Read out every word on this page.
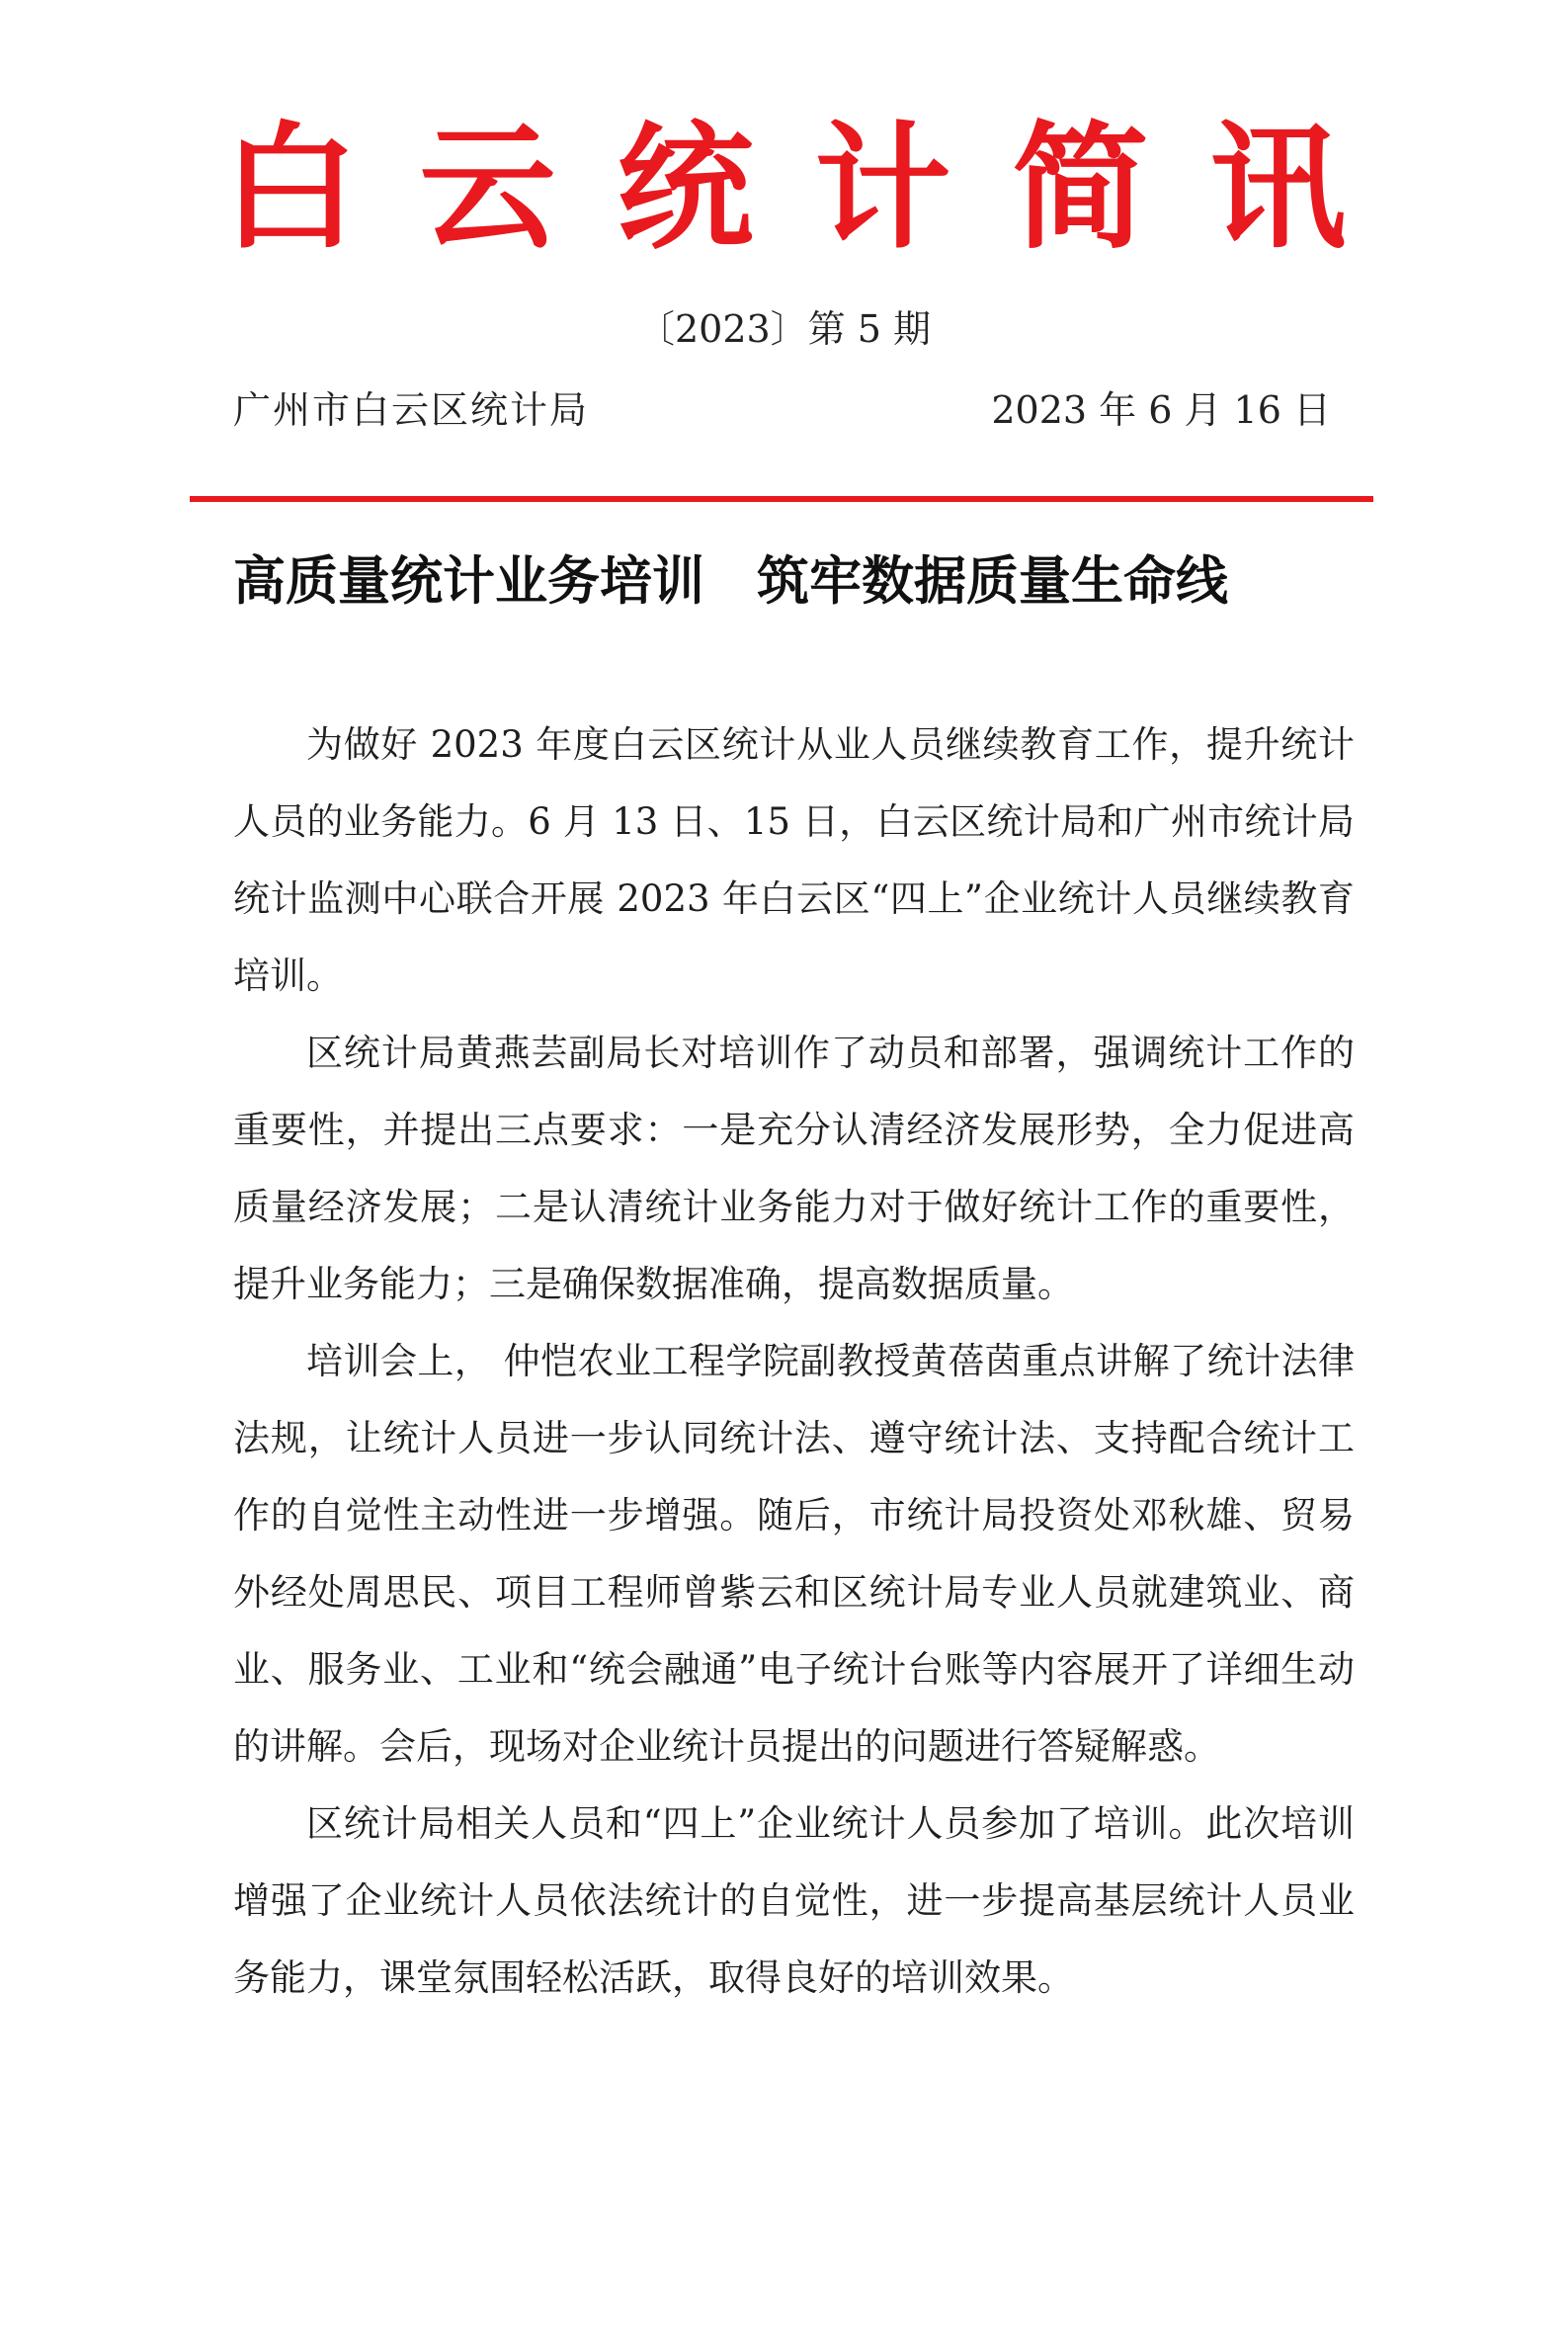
白云统计简讯
〔2023〕第 5 期
广州市白云区统计局	2023 年 6 月 16 日
高质量统计业务培训　筑牢数据质量生命线

为做好 2023 年度白云区统计从业人员继续教育工作，提升统计人员的业务能力。6 月 13 日、15 日，白云区统计局和广州市统计局统计监测中心联合开展 2023 年白云区“四上”企业统计人员继续教育培训。

区统计局黄燕芸副局长对培训作了动员和部署，强调统计工作的重要性，并提出三点要求：一是充分认清经济发展形势，全力促进高质量经济发展；二是认清统计业务能力对于做好统计工作的重要性，提升业务能力；三是确保数据准确，提高数据质量。

培训会上， 仲恺农业工程学院副教授黄蓓茵重点讲解了统计法律法规，让统计人员进一步认同统计法、遵守统计法、支持配合统计工作的自觉性主动性进一步增强。随后，市统计局投资处邓秋雄、贸易外经处周思民、项目工程师曾紫云和区统计局专业人员就建筑业、商业、服务业、工业和“统会融通”电子统计台账等内容展开了详细生动的讲解。会后，现场对企业统计员提出的问题进行答疑解惑。

区统计局相关人员和“四上”企业统计人员参加了培训。此次培训增强了企业统计人员依法统计的自觉性，进一步提高基层统计人员业务能力，课堂氛围轻松活跃，取得良好的培训效果。
